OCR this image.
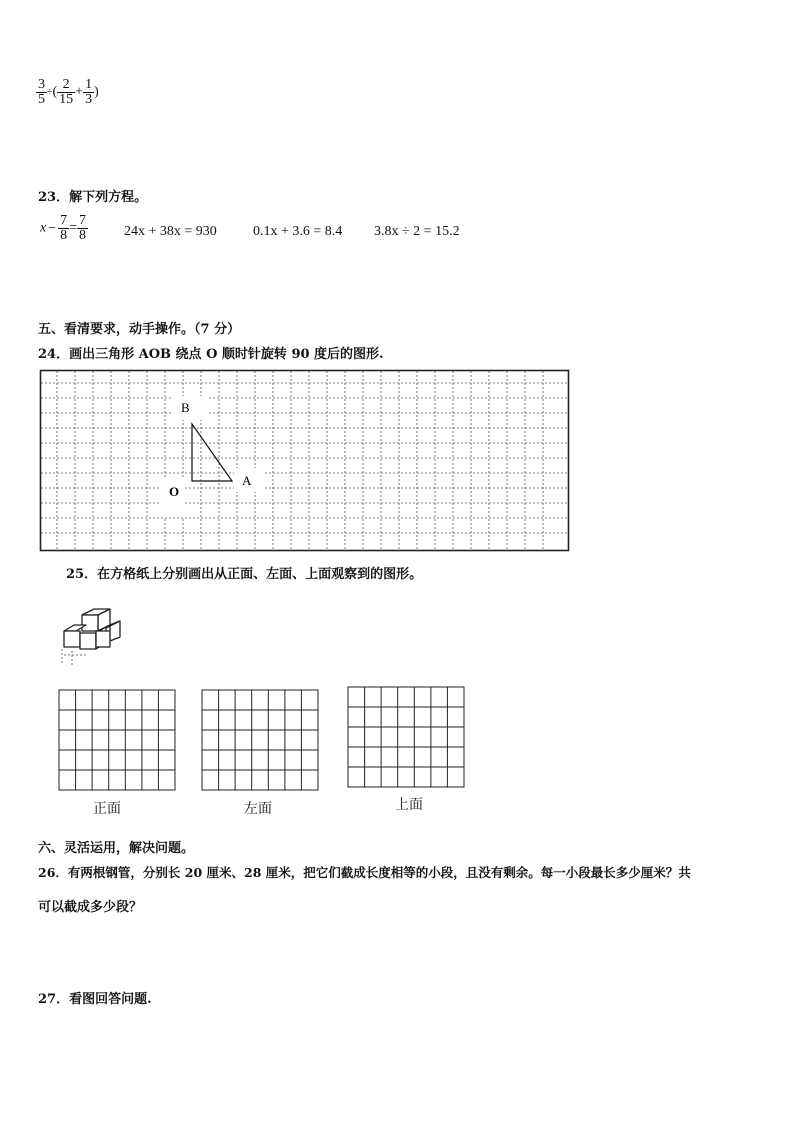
$\frac{3}{5}$ ÷( $\frac{2}{15} + \frac{1}{3}$ )
23．解下列方程。
$x - \frac{7}{8} = \frac{7}{8}$	24x + 38x = 930	0.1x + 3.6 = 8.4 3.8x ÷ 2 = 15.2
五、看清要求，动手操作。（7 分）
24．画出三角形 AOB 绕点 O 顺时针旋转 90 度后的图形.
B
A
O
25．在方格纸上分别画出从正面、左面、上面观察到的图形。
正面	左面	上面
六、灵活运用，解决问题。
26．有两根钢管，分别长 20 厘米、28 厘米，把它们截成长度相等的小段，且没有剩余。每一小段最长多少厘米？共
可以截成多少段？
27．看图回答问题.
